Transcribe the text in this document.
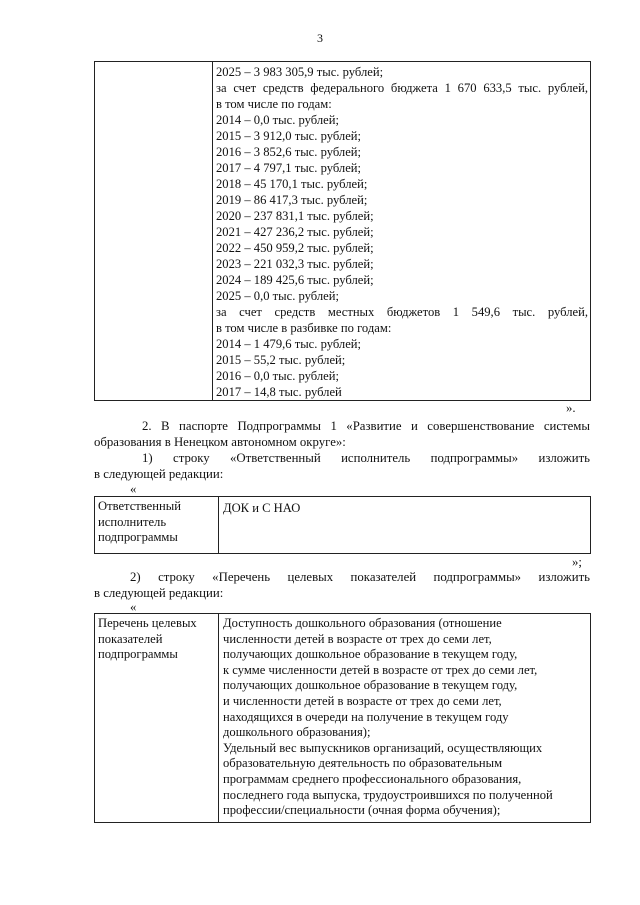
3

2025 – 3 983 305,9 тыс. рублей;
за счет средств федерального бюджета 1 670 633,5 тыс. рублей,
в том числе по годам:
2014 – 0,0 тыс. рублей;
2015 – 3 912,0 тыс. рублей;
2016 – 3 852,6 тыс. рублей;
2017 – 4 797,1 тыс. рублей;
2018 – 45 170,1 тыс. рублей;
2019 – 86 417,3 тыс. рублей;
2020 – 237 831,1 тыс. рублей;
2021 – 427 236,2 тыс. рублей;
2022 – 450 959,2 тыс. рублей;
2023 – 221 032,3 тыс. рублей;
2024 – 189 425,6 тыс. рублей;
2025 – 0,0 тыс. рублей;
за счет средств местных бюджетов 1 549,6 тыс. рублей,
в том числе в разбивке по годам:
2014 – 1 479,6 тыс. рублей;
2015 – 55,2 тыс. рублей;
2016 – 0,0 тыс. рублей;
2017 – 14,8 тыс. рублей
».
2. В паспорте Подпрограммы 1 «Развитие и совершенствование системы
образования в Ненецком автономном округе»:
1) строку «Ответственный исполнитель подпрограммы» изложить
в следующей редакции:
«
Ответственный
исполнитель
подпрограммы

ДОК и С НАО
»;
2) строку «Перечень целевых показателей подпрограммы» изложить
в следующей редакции:
«
Перечень целевых
показателей
подпрограммы

Доступность дошкольного образования (отношение
численности детей в возрасте от трех до семи лет,
получающих дошкольное образование в текущем году,
к сумме численности детей в возрасте от трех до семи лет,
получающих дошкольное образование в текущем году,
и численности детей в возрасте от трех до семи лет,
находящихся в очереди на получение в текущем году
дошкольного образования);
Удельный вес выпускников организаций, осуществляющих
образовательную деятельность по образовательным
программам среднего профессионального образования,
последнего года выпуска, трудоустроившихся по полученной
профессии/специальности (очная форма обучения);
